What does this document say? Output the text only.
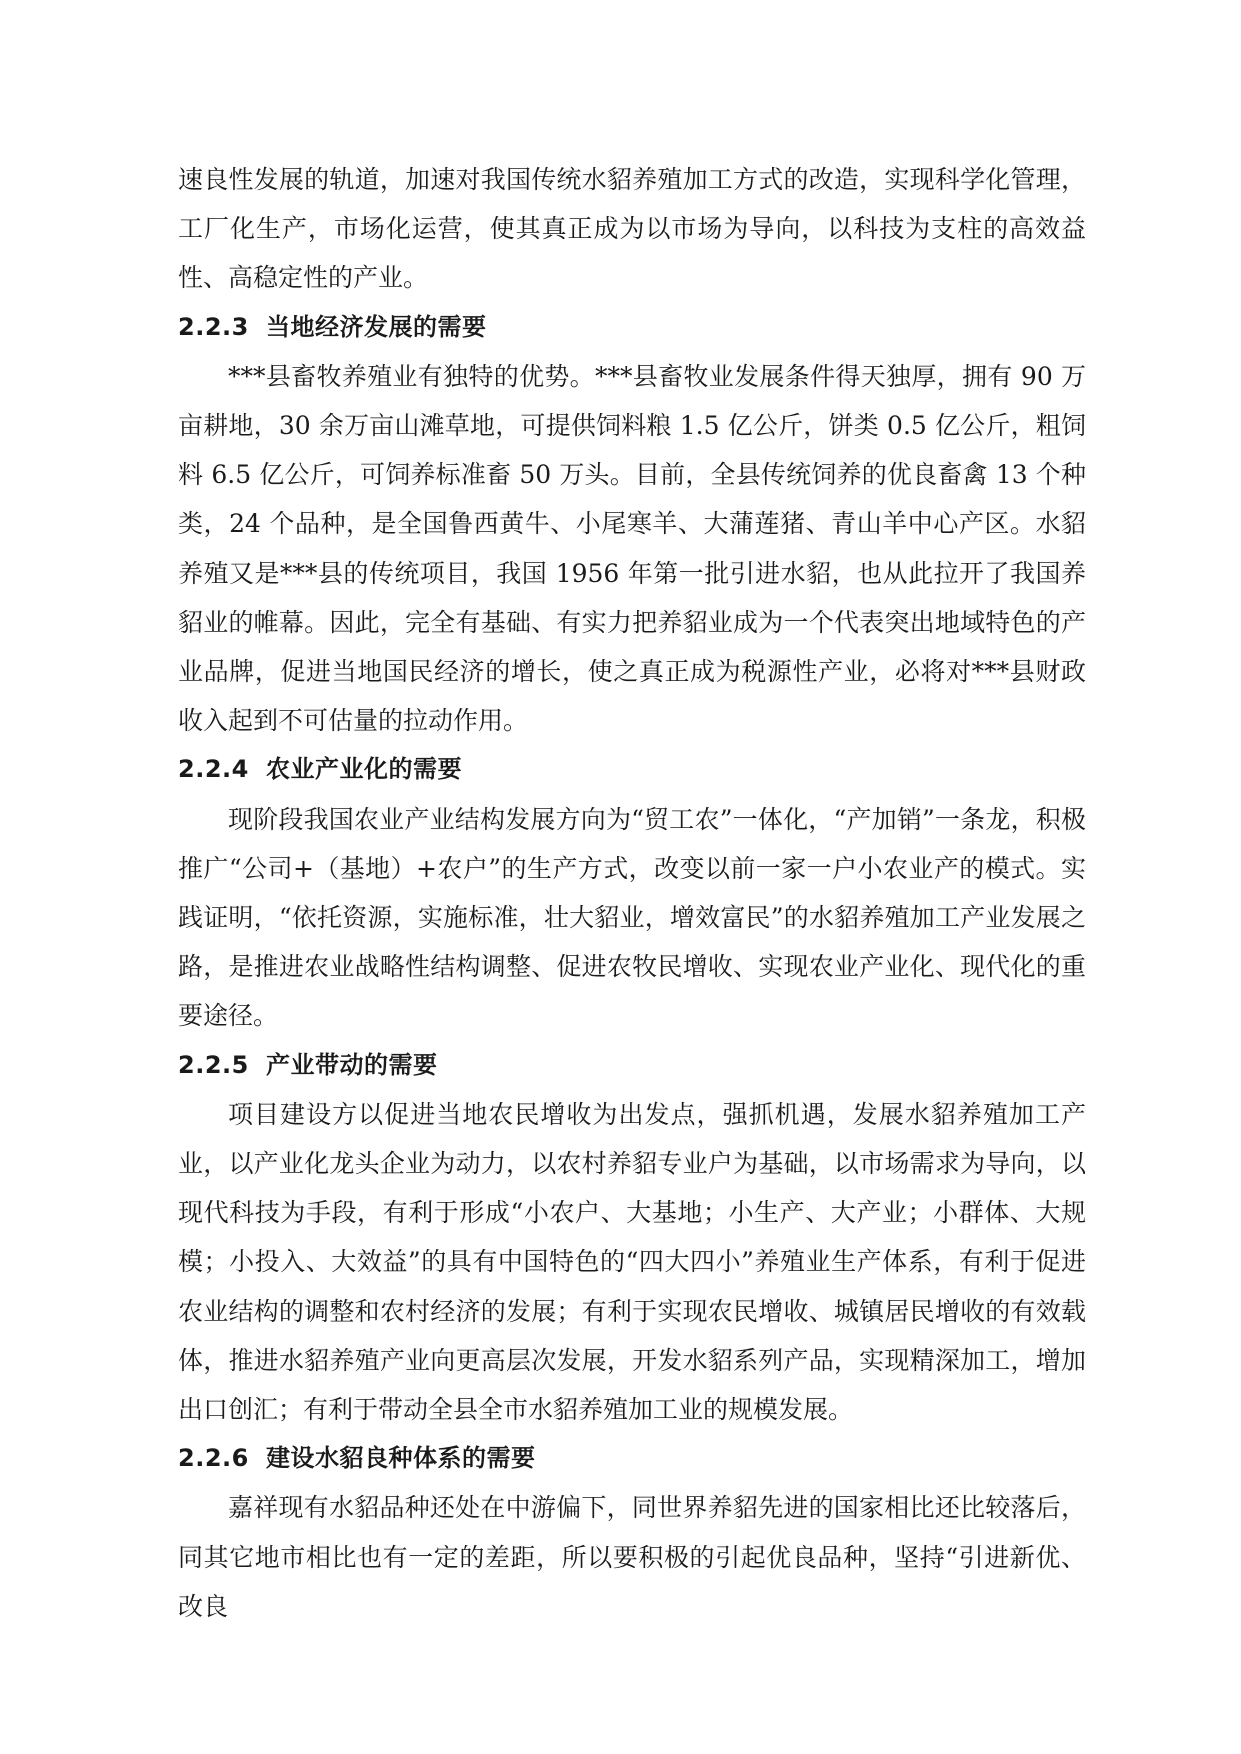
速良性发展的轨道，加速对我国传统水貂养殖加工方式的改造，实现科学化管理，工厂化生产，市场化运营，使其真正成为以市场为导向，以科技为支柱的高效益性、高稳定性的产业。

2.2.3 当地经济发展的需要

***县畜牧养殖业有独特的优势。***县畜牧业发展条件得天独厚，拥有 90 万亩耕地，30 余万亩山滩草地，可提供饲料粮 1.5 亿公斤，饼类 0.5 亿公斤，粗饲料 6.5 亿公斤，可饲养标准畜 50 万头。目前，全县传统饲养的优良畜禽 13 个种类，24 个品种，是全国鲁西黄牛、小尾寒羊、大蒲莲猪、青山羊中心产区。水貂养殖又是***县的传统项目，我国 1956 年第一批引进水貂，也从此拉开了我国养貂业的帷幕。因此，完全有基础、有实力把养貂业成为一个代表突出地域特色的产业品牌，促进当地国民经济的增长，使之真正成为税源性产业，必将对***县财政收入起到不可估量的拉动作用。

2.2.4 农业产业化的需要

现阶段我国农业产业结构发展方向为“贸工农”一体化，“产加销”一条龙，积极推广“公司+（基地）+农户”的生产方式，改变以前一家一户小农业产的模式。实践证明，“依托资源，实施标准，壮大貂业，增效富民”的水貂养殖加工产业发展之路，是推进农业战略性结构调整、促进农牧民增收、实现农业产业化、现代化的重要途径。

2.2.5 产业带动的需要

项目建设方以促进当地农民增收为出发点，强抓机遇，发展水貂养殖加工产业，以产业化龙头企业为动力，以农村养貂专业户为基础，以市场需求为导向，以现代科技为手段，有利于形成“小农户、大基地；小生产、大产业；小群体、大规模；小投入、大效益”的具有中国特色的“四大四小”养殖业生产体系，有利于促进农业结构的调整和农村经济的发展；有利于实现农民增收、城镇居民增收的有效载体，推进水貂养殖产业向更高层次发展，开发水貂系列产品，实现精深加工，增加出口创汇；有利于带动全县全市水貂养殖加工业的规模发展。

2.2.6 建设水貂良种体系的需要

嘉祥现有水貂品种还处在中游偏下，同世界养貂先进的国家相比还比较落后，同其它地市相比也有一定的差距，所以要积极的引起优良品种，坚持“引进新优、改良
